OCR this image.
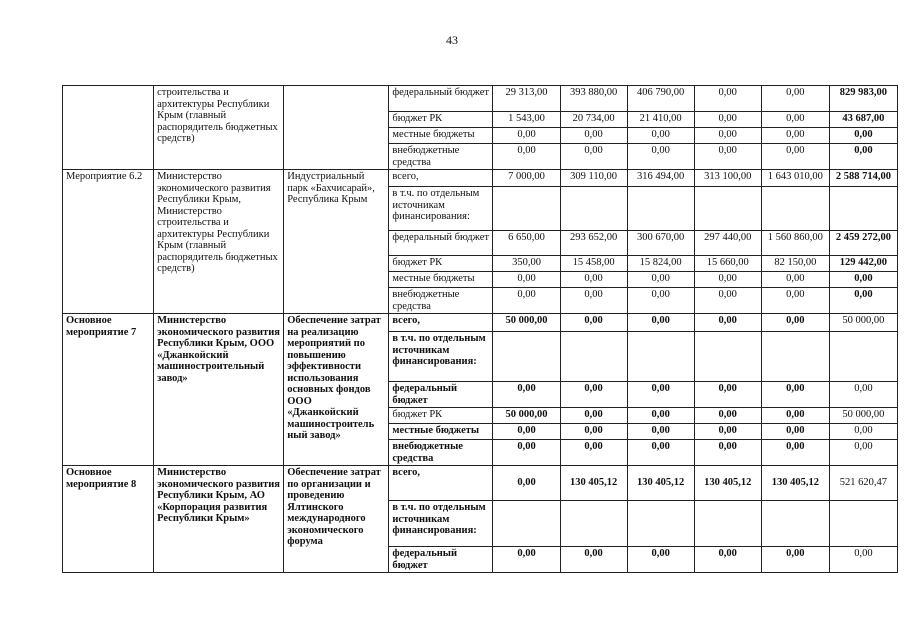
43
	строительства и архитектуры Республики Крым (главный распорядитель бюджетных средств)		федеральный бюджет	29 313,00	393 880,00	406 790,00	0,00	0,00	829 983,00
			бюджет РК	1 543,00	20 734,00	21 410,00	0,00	0,00	43 687,00
			местные бюджеты	0,00	0,00	0,00	0,00	0,00	0,00
			внебюджетные средства	0,00	0,00	0,00	0,00	0,00	0,00
Мероприятие 6.2	Министерство экономического развития Республики Крым, Министерство строительства и архитектуры Республики Крым (главный распорядитель бюджетных средств)	Индустриальный парк «Бахчисарай», Республика Крым	всего,	7 000,00	309 110,00	316 494,00	313 100,00	1 643 010,00	2 588 714,00
			в т.ч. по отдельным источникам финансирования:						
			федеральный бюджет	6 650,00	293 652,00	300 670,00	297 440,00	1 560 860,00	2 459 272,00
			бюджет РК	350,00	15 458,00	15 824,00	15 660,00	82 150,00	129 442,00
			местные бюджеты	0,00	0,00	0,00	0,00	0,00	0,00
			внебюджетные средства	0,00	0,00	0,00	0,00	0,00	0,00
Основное мероприятие 7	Министерство экономического развития Республики Крым, ООО «Джанкойский машиностроительный завод»	Обеспечение затрат на реализацию мероприятий по повышению эффективности использования основных фондов ООО «Джанкойский машиностроитель ный завод»	всего,	50 000,00	0,00	0,00	0,00	0,00	50 000,00
			в т.ч. по отдельным источникам финансирования:						
			федеральный бюджет	0,00	0,00	0,00	0,00	0,00	0,00
			бюджет РК	50 000,00	0,00	0,00	0,00	0,00	50 000,00
			местные бюджеты	0,00	0,00	0,00	0,00	0,00	0,00
			внебюджетные средства	0,00	0,00	0,00	0,00	0,00	0,00
Основное мероприятие 8	Министерство экономического развития Республики Крым, АО «Корпорация развития Республики Крым»	Обеспечение затрат по организации и проведению Ялтинского международного экономического форума	всего,	0,00	130 405,12	130 405,12	130 405,12	130 405,12	521 620,47
			в т.ч. по отдельным источникам финансирования:						
			федеральный бюджет	0,00	0,00	0,00	0,00	0,00	0,00
